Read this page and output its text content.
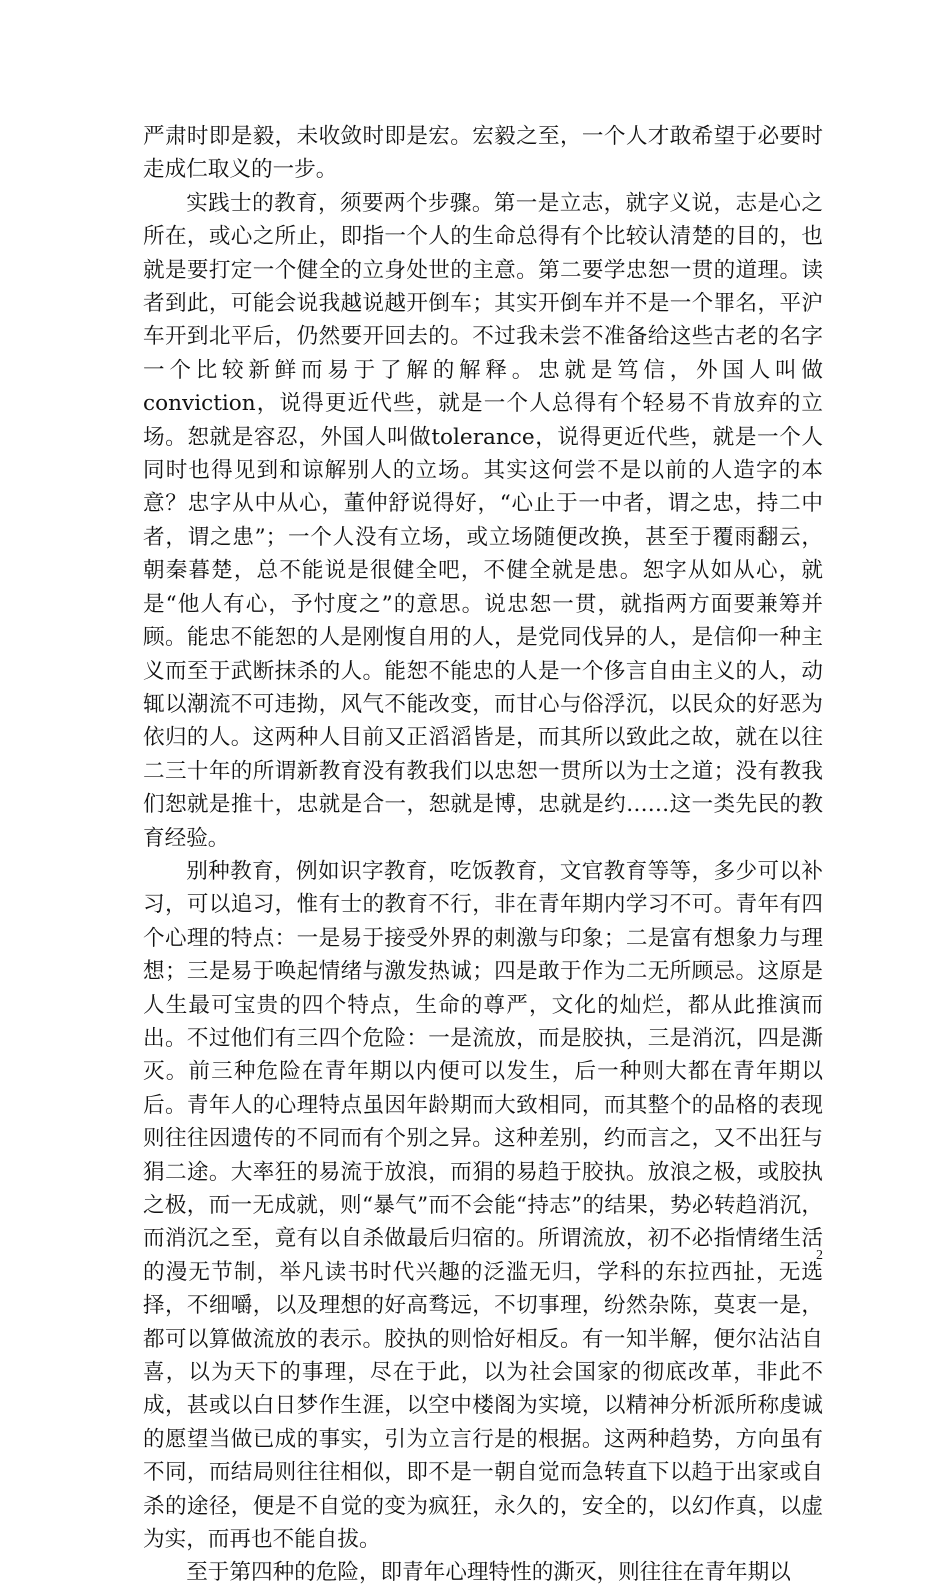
严肃时即是毅，未收敛时即是宏。宏毅之至，一个人才敢希望于必要时走成仁取义的一步。

实践士的教育，须要两个步骤。第一是立志，就字义说，志是心之所在，或心之所止，即指一个人的生命总得有个比较认清楚的目的，也就是要打定一个健全的立身处世的主意。第二要学忠恕一贯的道理。读者到此，可能会说我越说越开倒车；其实开倒车并不是一个罪名，平沪车开到北平后，仍然要开回去的。不过我未尝不准备给这些古老的名字一个比较新鲜而易于了解的解释。忠就是笃信，外国人叫做conviction，说得更近代些，就是一个人总得有个轻易不肯放弃的立场。恕就是容忍，外国人叫做tolerance，说得更近代些，就是一个人同时也得见到和谅解别人的立场。其实这何尝不是以前的人造字的本意？忠字从中从心，董仲舒说得好，“心止于一中者，谓之忠，持二中者，谓之患”；一个人没有立场，或立场随便改换，甚至于覆雨翻云，朝秦暮楚，总不能说是很健全吧，不健全就是患。恕字从如从心，就是“他人有心，予忖度之”的意思。说忠恕一贯，就指两方面要兼筹并顾。能忠不能恕的人是刚愎自用的人，是党同伐异的人，是信仰一种主义而至于武断抹杀的人。能恕不能忠的人是一个侈言自由主义的人，动辄以潮流不可违拗，风气不能改变，而甘心与俗浮沉，以民众的好恶为依归的人。这两种人目前又正滔滔皆是，而其所以致此之故，就在以往二三十年的所谓新教育没有教我们以忠恕一贯所以为士之道；没有教我们恕就是推十，忠就是合一，恕就是博，忠就是约……这一类先民的教育经验。

别种教育，例如识字教育，吃饭教育，文官教育等等，多少可以补习，可以追习，惟有士的教育不行，非在青年期内学习不可。青年有四个心理的特点：一是易于接受外界的刺激与印象；二是富有想象力与理想；三是易于唤起情绪与激发热诚；四是敢于作为二无所顾忌。这原是人生最可宝贵的四个特点，生命的尊严，文化的灿烂，都从此推演而出。不过他们有三四个危险：一是流放，而是胶执，三是消沉，四是澌灭。前三种危险在青年期以内便可以发生，后一种则大都在青年期以后。青年人的心理特点虽因年龄期而大致相同，而其整个的品格的表现则往往因遗传的不同而有个别之异。这种差别，约而言之，又不出狂与狷二途。大率狂的易流于放浪，而狷的易趋于胶执。放浪之极，或胶执之极，而一无成就，则“暴气”而不会能“持志”的结果，势必转趋消沉，而消沉之至，竟有以自杀做最后归宿的。所谓流放，初不必指情绪生活的漫无节制，举凡读书时代兴趣的泛滥无归，学科的东拉西扯，无选择，不细嚼，以及理想的好高骛远，不切事理，纷然杂陈，莫衷一是，都可以算做流放的表示。胶执的则恰好相反。有一知半解，便尔沾沾自喜，以为天下的事理，尽在于此，以为社会国家的彻底改革，非此不成，甚或以白日梦作生涯，以空中楼阁为实境，以精神分析派所称虔诚的愿望当做已成的事实，引为立言行是的根据。这两种趋势，方向虽有不同，而结局则往往相似，即不是一朝自觉而急转直下以趋于出家或自杀的途径，便是不自觉的变为疯狂，永久的，安全的，以幻作真，以虚为实，而再也不能自拔。

至于第四种的危险，即青年心理特性的澌灭，则往往在青年期以

2
